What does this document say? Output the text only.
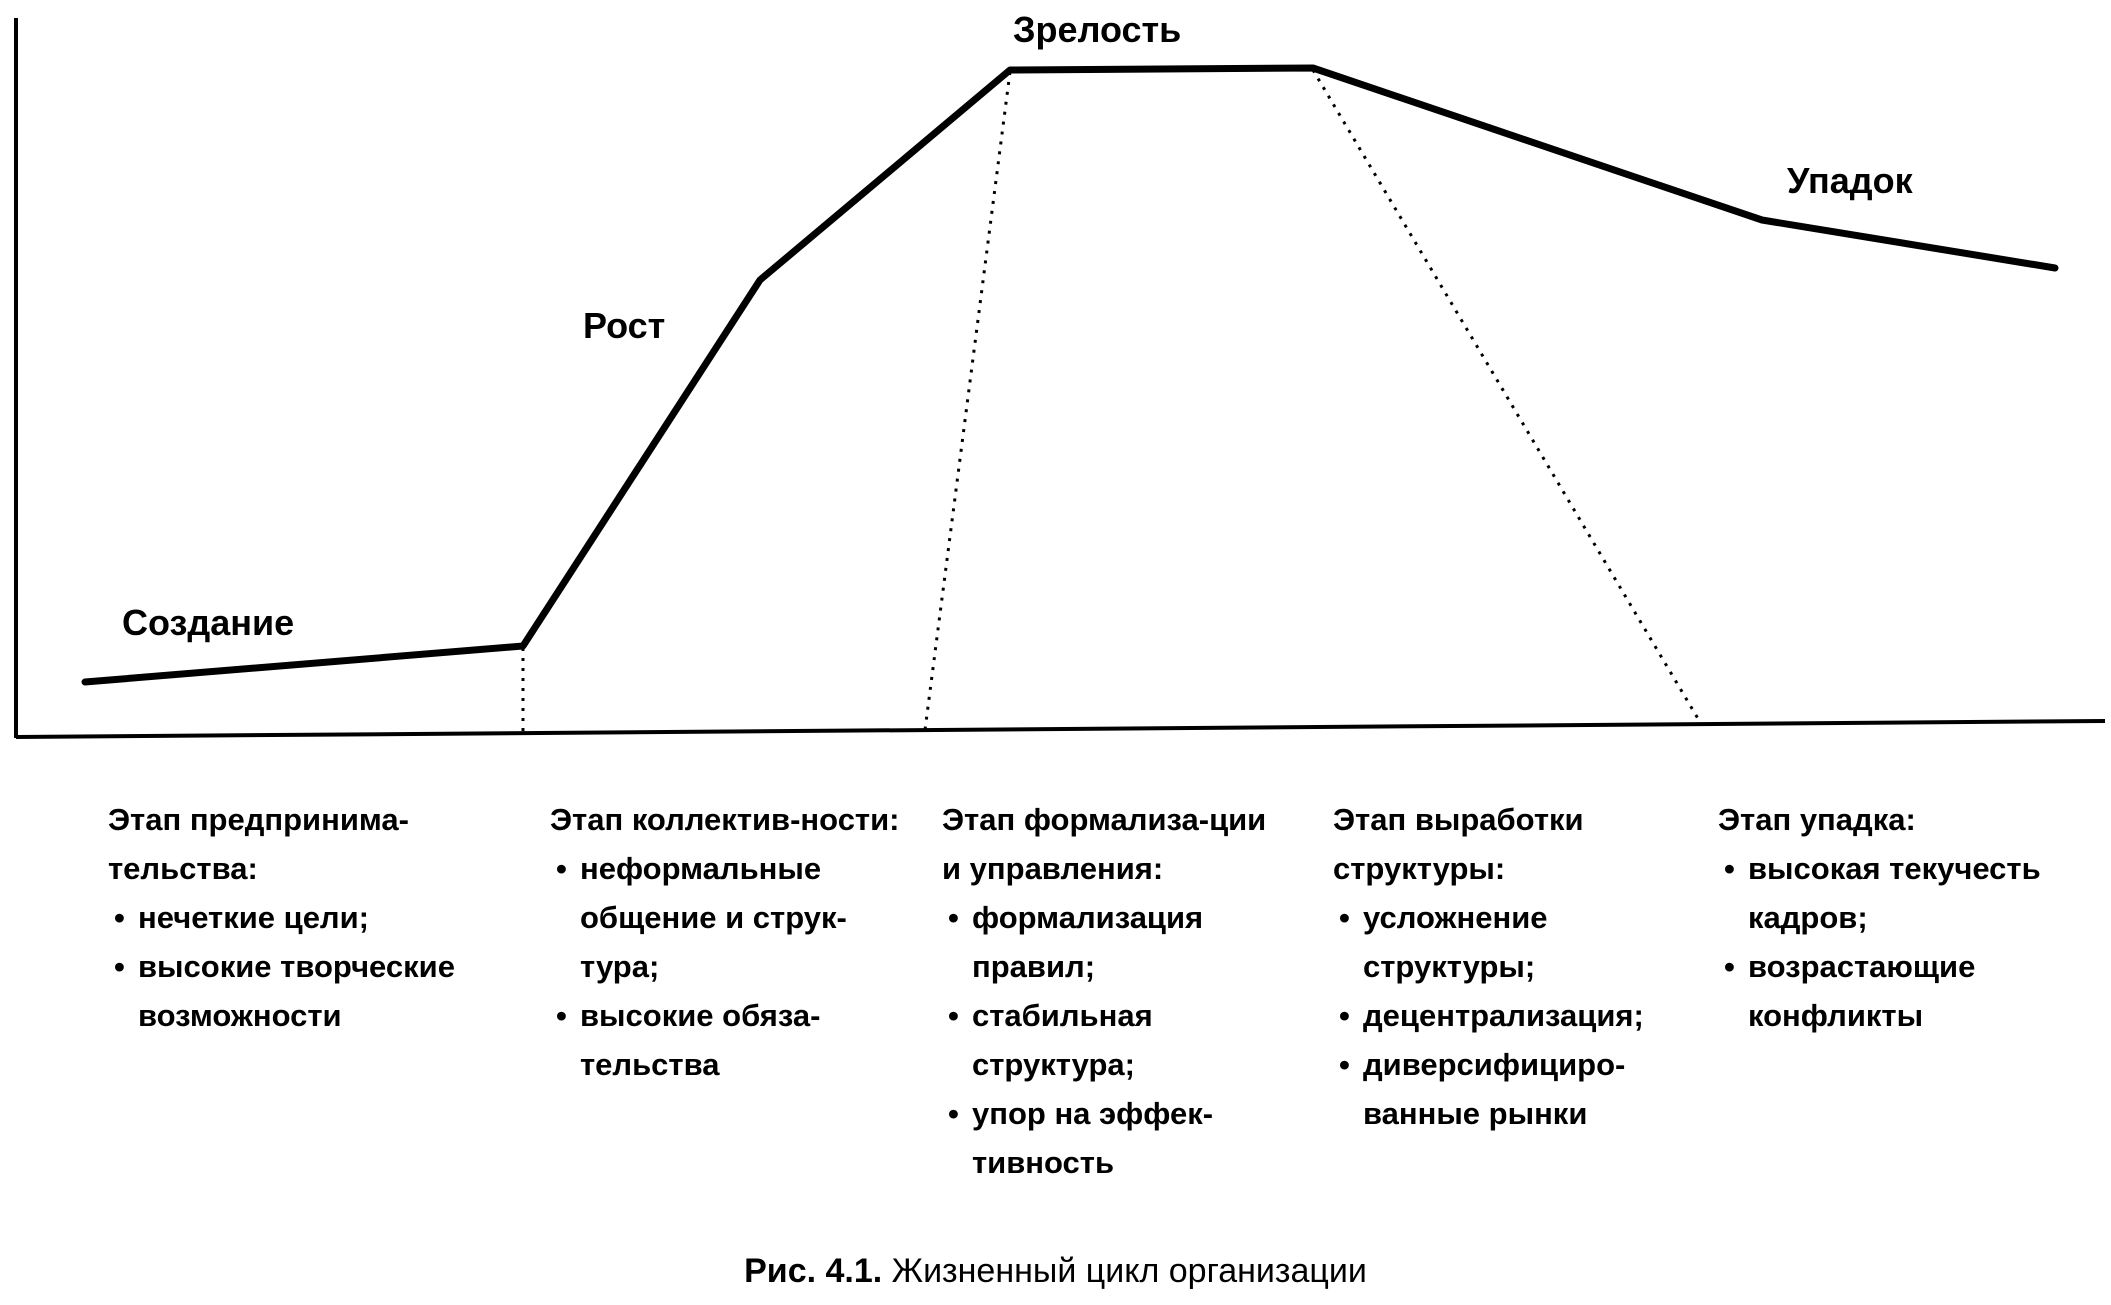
Создание
Рост
Зрелость
Упадок
Этап предпринима-тельства:
• нечеткие цели;
• высокие творческие возможности
Этап коллектив-ности:
• неформальные общение и струк-тура;
• высокие обяза-тельства
Этап формализа-ции и управления:
• формализация правил;
• стабильная структура;
• упор на эффек-тивность
Этап выработки структуры:
• усложнение структуры;
• децентрализация;
• диверсифициро-ванные рынки
Этап упадка:
• высокая текучесть кадров;
• возрастающие конфликты
Рис. 4.1. Жизненный цикл организации
